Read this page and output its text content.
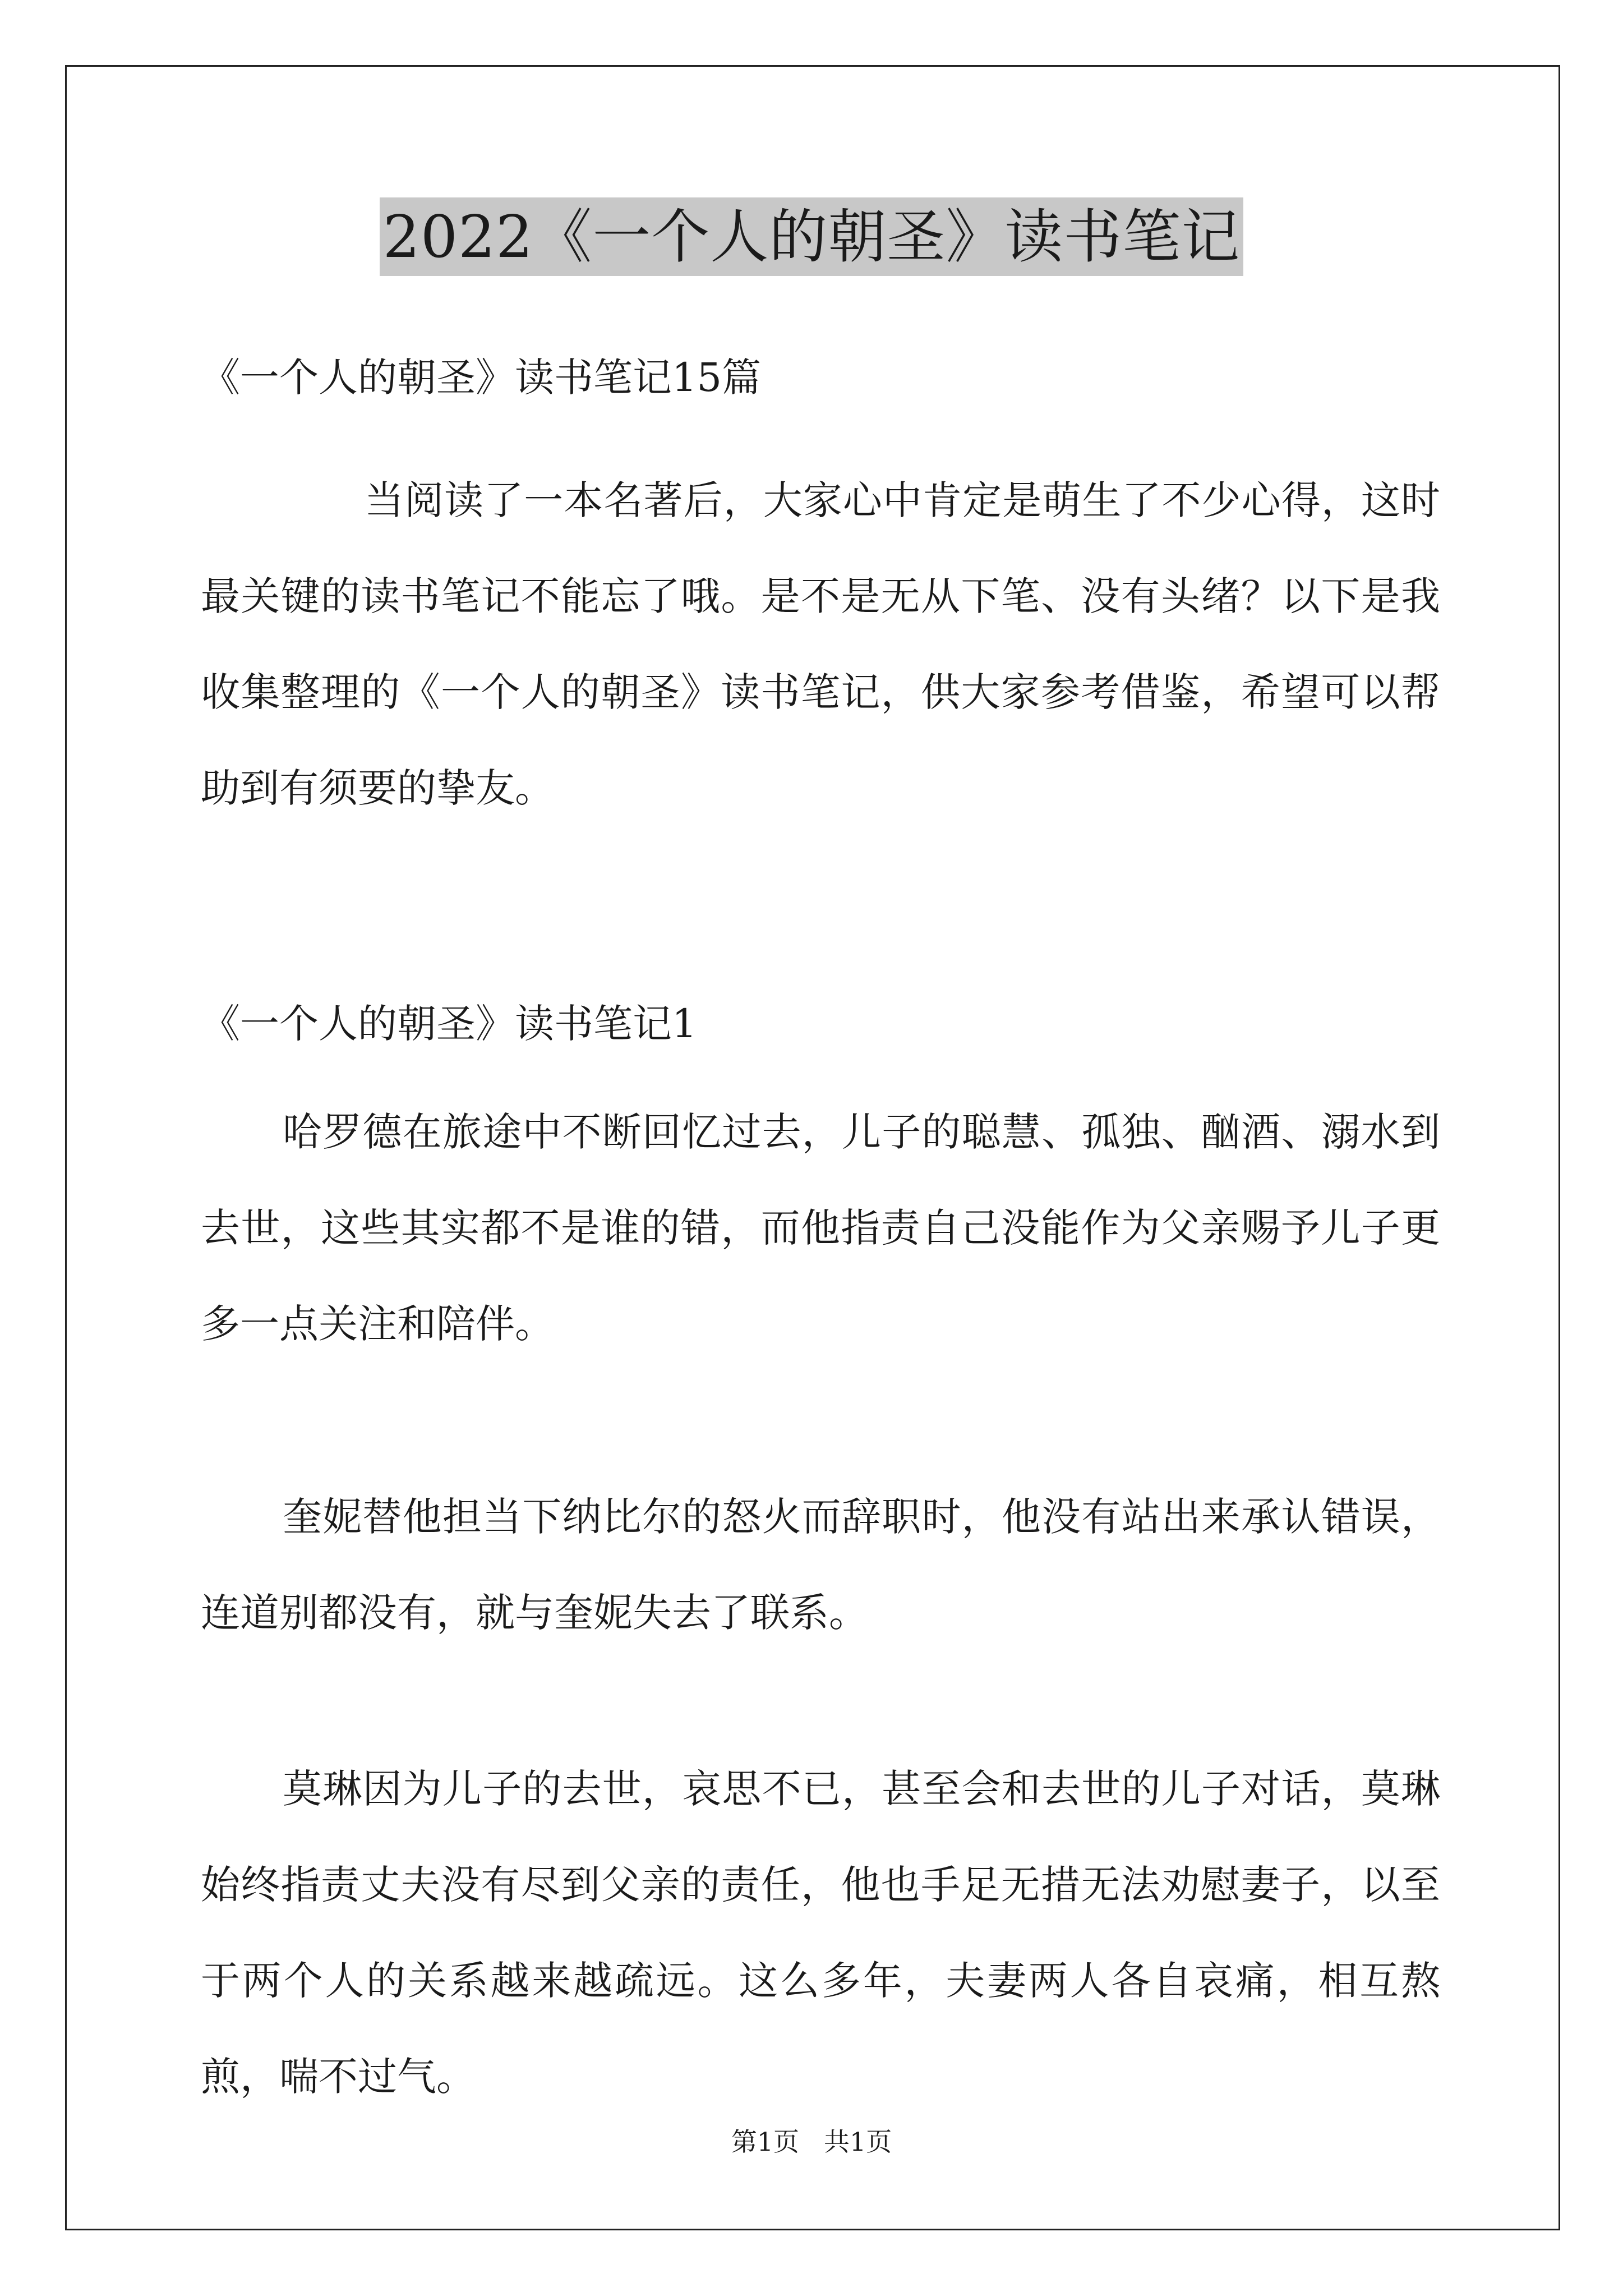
2022《一个人的朝圣》读书笔记
《一个人的朝圣》读书笔记15篇
当阅读了一本名著后，大家心中肯定是萌生了不少心得，这时最关键的读书笔记不能忘了哦。是不是无从下笔、没有头绪？以下是我收集整理的《一个人的朝圣》读书笔记，供大家参考借鉴，希望可以帮助到有须要的挚友。
《一个人的朝圣》读书笔记1
哈罗德在旅途中不断回忆过去，儿子的聪慧、孤独、酗酒、溺水到去世，这些其实都不是谁的错，而他指责自己没能作为父亲赐予儿子更多一点关注和陪伴。
奎妮替他担当下纳比尔的怒火而辞职时，他没有站出来承认错误，连道别都没有，就与奎妮失去了联系。
莫琳因为儿子的去世，哀思不已，甚至会和去世的儿子对话，莫琳始终指责丈夫没有尽到父亲的责任，他也手足无措无法劝慰妻子，以至于两个人的关系越来越疏远。这么多年，夫妻两人各自哀痛，相互熬煎，喘不过气。
第1页 共1页
